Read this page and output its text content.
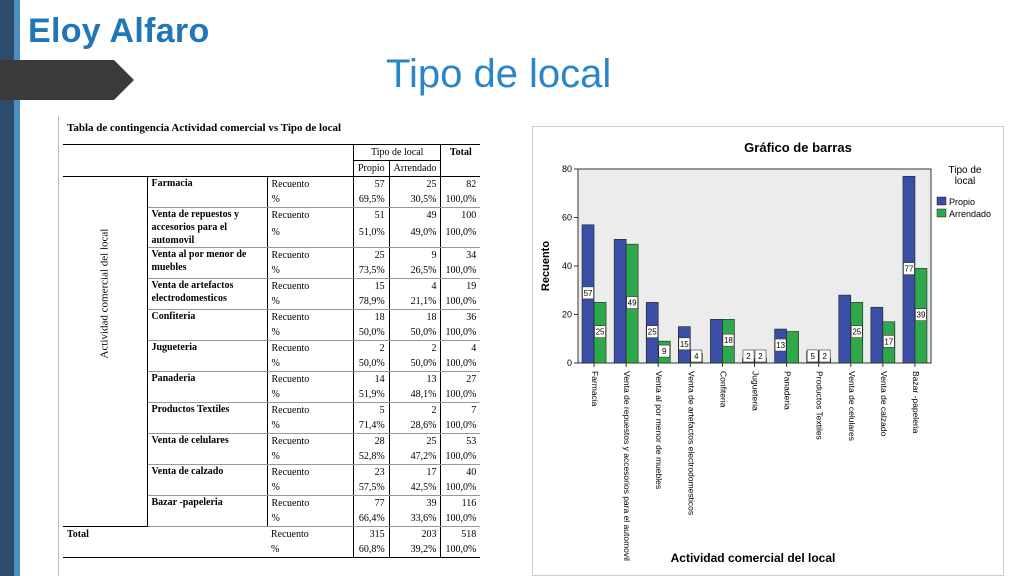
Eloy Alfaro
Tipo de local
Tabla de contingencia Actividad comercial vs Tipo de local
			Tipo de local		Total
			Propio	Arrendado	

Actividad comercial del local	Farmacia	Recuento	57	25	82
		%	69,5%	30,5%	100,0%
	Venta de repuestos y accesorios para el automovil	Recuento	51	49	100
		%	51,0%	49,0%	100,0%
	Venta al por menor de muebles	Recuento	25	9	34
		%	73,5%	26,5%	100,0%
	Venta de artefactos electrodomesticos	Recuento	15	4	19
		%	78,9%	21,1%	100,0%
	Confiteria	Recuento	18	18	36
		%	50,0%	50,0%	100,0%
	Jugueteria	Recuento	2	2	4
		%	50,0%	50,0%	100,0%
	Panaderia	Recuento	14	13	27
		%	51,9%	48,1%	100,0%
	Productos Textiles	Recuento	5	2	7
		%	71,4%	28,6%	100,0%
	Venta de celulares	Recuento	28	25	53
		%	52,8%	47,2%	100,0%
	Venta de calzado	Recuento	23	17	40
		%	57,5%	42,5%	100,0%
	Bazar -papeleria	Recuento	77	39	116
		%	66,4%	33,6%	100,0%
Total		Recuento	315	203	518
		%	60,8%	39,2%	100,0%
Gráfico de barras
0
20
40
60
80
Recuento
57
25
Farmacia
49
Venta de repuestos y accesorios para el automovil
25
9
Venta al por menor de muebles
15
4
Venta de artefactos electrodomesticos
18
Confiteria
2 2
Jugueteria
13
Panaderia
5 2
Productos Textiles
25
Venta de celulares
17
Venta de calzado
77
39
Bazar -papeleria
Actividad comercial del local
Tipo de
local
Propio
Arrendado
